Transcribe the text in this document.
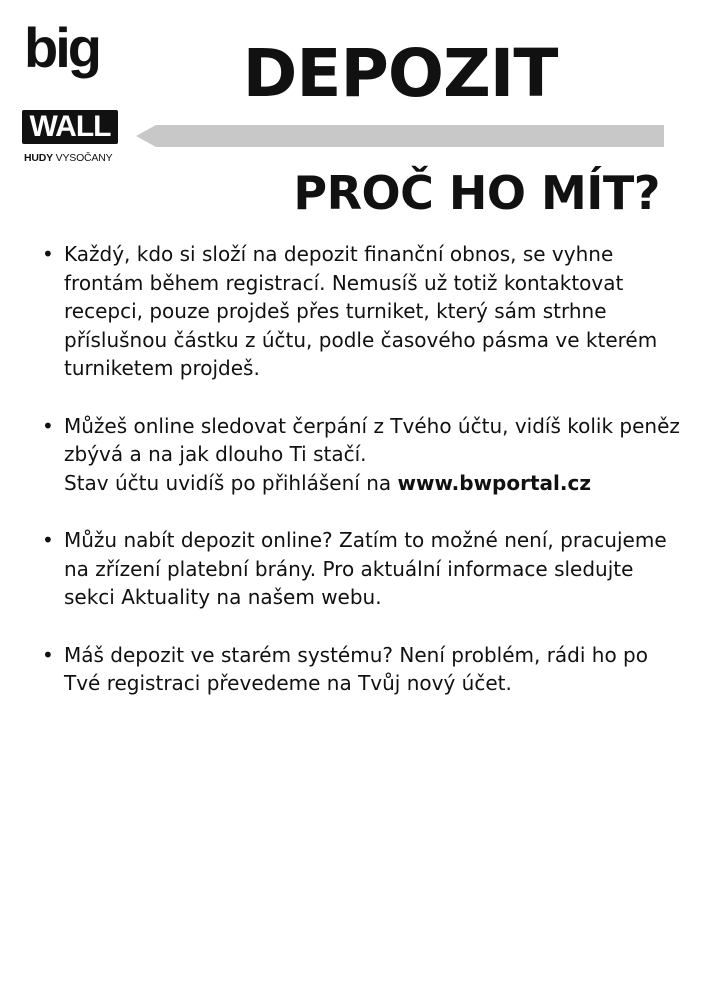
big
WALL
HUDY VYSOČANY
DEPOZIT
PROČ HO MÍT?
• Každý, kdo si složí na depozit finanční obnos, se vyhne frontám během registrací. Nemusíš už totiž kontaktovat recepci, pouze projdeš přes turniket, který sám strhne příslušnou částku z účtu, podle časového pásma ve kterém turniketem projdeš.

• Můžeš online sledovat čerpání z Tvého účtu, vidíš kolik peněz zbývá a na jak dlouho Ti stačí.

Stav účtu uvidíš po přihlášení na www.bwportal.cz

• Můžu nabít depozit online? Zatím to možné není, pracujeme na zřízení platební brány. Pro aktuální informace sledujte sekci Aktuality na našem webu.

• Máš depozit ve starém systému? Není problém, rádi ho po Tvé registraci převedeme na Tvůj nový účet.
